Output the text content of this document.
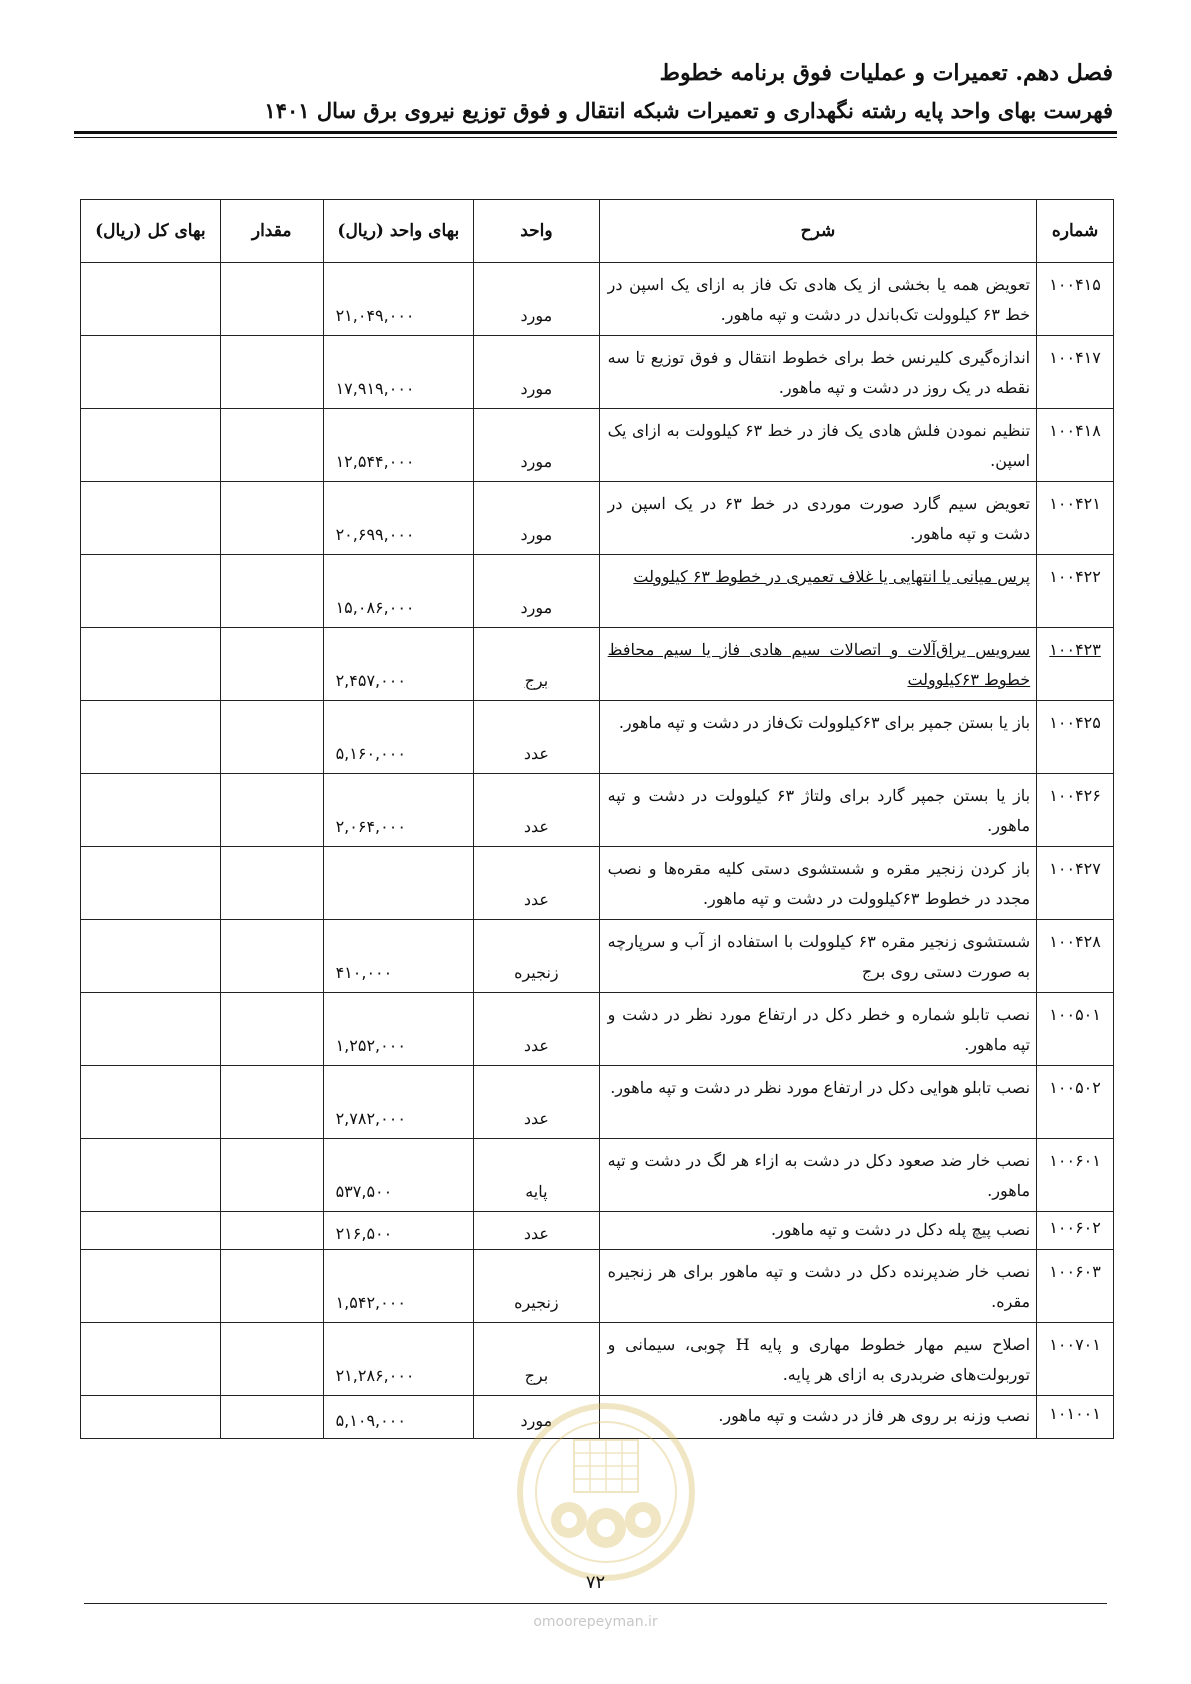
فصل دهم. تعمیرات و عملیات فوق برنامه خطوط
فهرست بهای واحد پایه رشته نگهداری و تعمیرات شبکه انتقال و فوق توزیع نیروی برق سال ۱۴۰۱
شماره	شرح	واحد	بهای واحد (ریال)	مقدار	بهای کل (ریال)
۱۰۰۴۱۵	تعویض همه یا بخشی از یک هادی تک فاز به ازای یک اسپن در خط ۶۳ کیلوولت تک‌باندل در دشت و تپه ماهور.	مورد	۲۱,۰۴۹,۰۰۰		
۱۰۰۴۱۷	اندازه‌گیری کلیرنس خط برای خطوط انتقال و فوق توزیع تا سه نقطه در یک روز در دشت و تپه ماهور.	مورد	۱۷,۹۱۹,۰۰۰		
۱۰۰۴۱۸	تنظیم نمودن فلش هادی یک فاز در خط ۶۳ کیلوولت به ازای یک اسپن.	مورد	۱۲,۵۴۴,۰۰۰		
۱۰۰۴۲۱	تعویض سیم گارد صورت موردی در خط ۶۳ در یک اسپن در دشت و تپه ماهور.	مورد	۲۰,۶۹۹,۰۰۰		
۱۰۰۴۲۲	پرس میانی یا انتهایی یا غلاف تعمیری در خطوط ۶۳ کیلوولت	مورد	۱۵,۰۸۶,۰۰۰		
۱۰۰۴۲۳	سرویس یراق‌آلات و اتصالات سیم هادی فاز یا سیم محافظ خطوط ۶۳کیلوولت	برج	۲,۴۵۷,۰۰۰		
۱۰۰۴۲۵	باز یا بستن جمپر برای ۶۳کیلوولت تک‌فاز در دشت و تپه ماهور.	عدد	۵,۱۶۰,۰۰۰		
۱۰۰۴۲۶	باز یا بستن جمپر گارد برای ولتاژ ۶۳ کیلوولت در دشت و تپه ماهور.	عدد	۲,۰۶۴,۰۰۰		
۱۰۰۴۲۷	باز کردن زنجیر مقره و شستشوی دستی کلیه مقره‌ها و نصب مجدد در خطوط ۶۳کیلوولت در دشت و تپه ماهور.	عدد			
۱۰۰۴۲۸	شستشوی زنجیر مقره ۶۳ کیلوولت با استفاده از آب و سرپارچه به صورت دستی روی برج	زنجیره	۴۱۰,۰۰۰		
۱۰۰۵۰۱	نصب تابلو شماره و خطر دکل در ارتفاع مورد نظر در دشت و تپه ماهور.	عدد	۱,۲۵۲,۰۰۰		
۱۰۰۵۰۲	نصب تابلو هوایی دکل در ارتفاع مورد نظر در دشت و تپه ماهور.	عدد	۲,۷۸۲,۰۰۰		
۱۰۰۶۰۱	نصب خار ضد صعود دکل در دشت به ازاء هر لگ در دشت و تپه ماهور.	پایه	۵۳۷,۵۰۰		
۱۰۰۶۰۲	نصب پیچ پله دکل در دشت و تپه ماهور.	عدد	۲۱۶,۵۰۰		
۱۰۰۶۰۳	نصب خار ضدپرنده دکل در دشت و تپه ماهور برای هر زنجیره مقره.	زنجیره	۱,۵۴۲,۰۰۰		
۱۰۰۷۰۱	اصلاح سیم مهار خطوط مهاری و پایه H چوبی، سیمانی و توربولت‌های ضربدری به ازای هر پایه.	برج	۲۱,۲۸۶,۰۰۰		
۱۰۱۰۰۱	نصب وزنه بر روی هر فاز در دشت و تپه ماهور.	مورد	۵,۱۰۹,۰۰۰		
۷۲
omoorepeyman.ir
